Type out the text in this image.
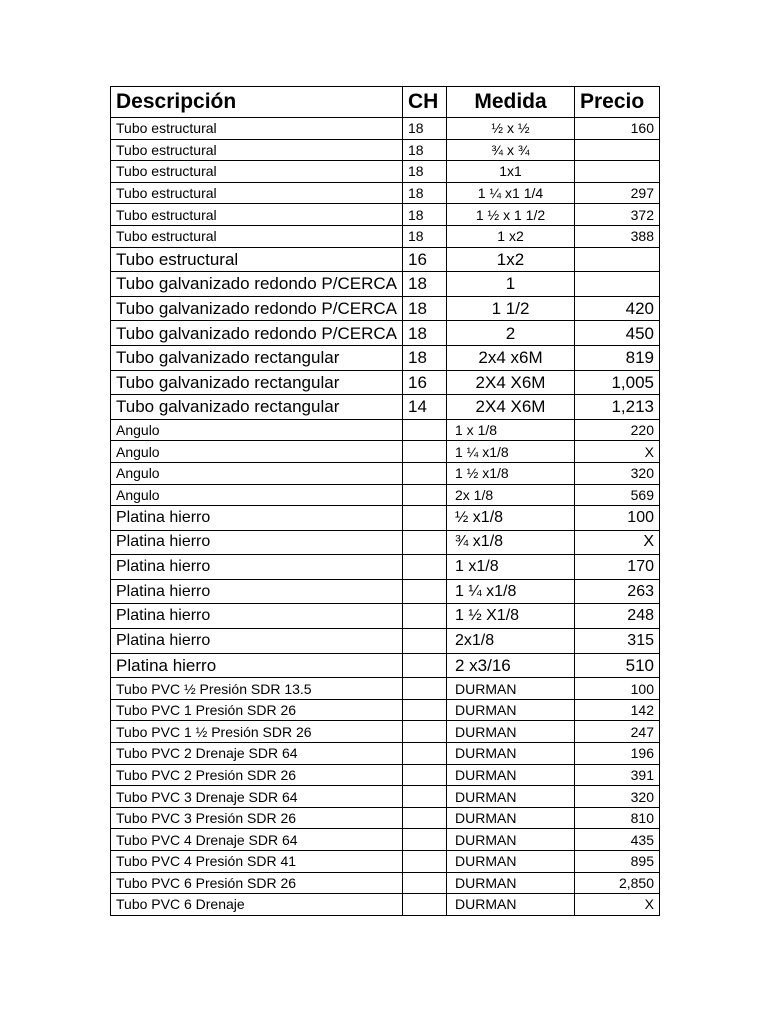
Descripción	CH	Medida	Precio
Tubo estructural	18	½ x ½	160
Tubo estructural	18	¾ x ¾	
Tubo estructural	18	1x1	
Tubo estructural	18	1 ¼ x1 1/4	297
Tubo estructural	18	1 ½ x 1 1/2	372
Tubo estructural	18	1 x2	388
Tubo estructural	16	1x2	
Tubo galvanizado redondo P/CERCA	18	1	
Tubo galvanizado redondo P/CERCA	18	1 1/2	420
Tubo galvanizado redondo P/CERCA	18	2	450
Tubo galvanizado rectangular	18	2x4 x6M	819
Tubo galvanizado rectangular	16	2X4 X6M	1,005
Tubo galvanizado rectangular	14	2X4 X6M	1,213
Angulo		1 x 1/8	220
Angulo		1 ¼ x1/8	X
Angulo		1 ½ x1/8	320
Angulo		2x 1/8	569
Platina hierro		½ x1/8	100
Platina hierro		¾ x1/8	X
Platina hierro		1 x1/8	170
Platina hierro		1 ¼ x1/8	263
Platina hierro		1 ½ X1/8	248
Platina hierro		2x1/8	315
Platina hierro		2 x3/16	510
Tubo PVC ½ Presión SDR 13.5		DURMAN	100
Tubo PVC 1 Presión SDR 26		DURMAN	142
Tubo PVC 1 ½ Presión SDR 26		DURMAN	247
Tubo PVC 2 Drenaje SDR 64		DURMAN	196
Tubo PVC 2 Presión SDR 26		DURMAN	391
Tubo PVC 3 Drenaje SDR 64		DURMAN	320
Tubo PVC 3 Presión SDR 26		DURMAN	810
Tubo PVC 4 Drenaje SDR 64		DURMAN	435
Tubo PVC 4 Presión SDR 41		DURMAN	895
Tubo PVC 6 Presión SDR 26		DURMAN	2,850
Tubo PVC 6 Drenaje		DURMAN	X
